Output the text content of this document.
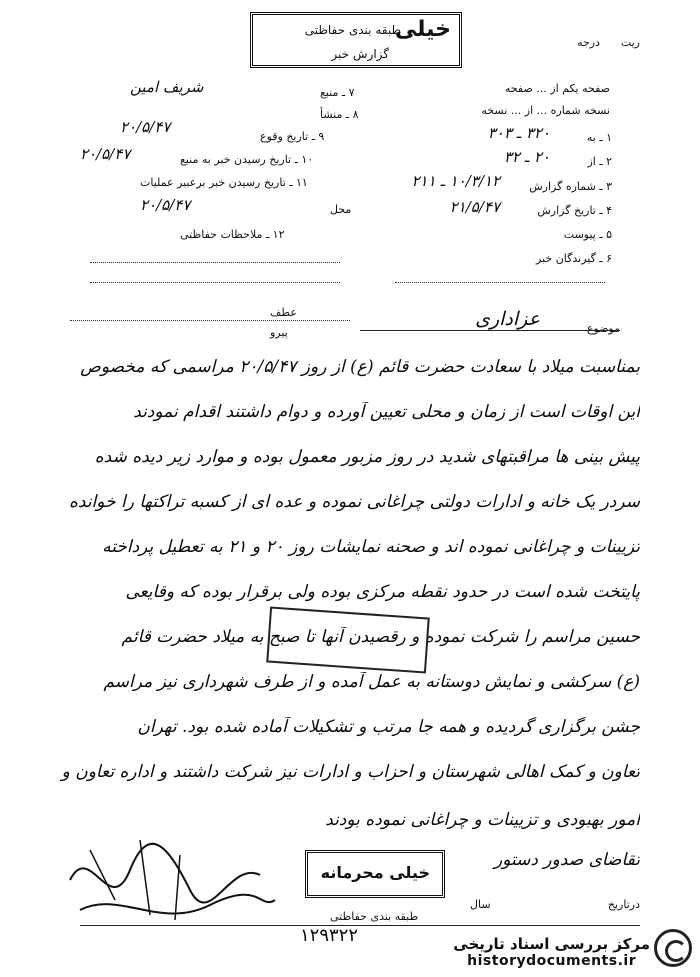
خیلی
طبقه بندی حفاظتی
گزارش خبر
درجه ریت
۷ ـ منبع
شریف امین
۸ ـ منشأ
۹ ـ تاریخ وقوع
۲۰/۵/۴۷
۱۰ ـ تاریخ رسیدن خبر به منبع
۲۰/۵/۴۷
۱۱ ـ تاریخ رسیدن خبر برعبیر عملیات
محل
۲۰/۵/۴۷
۱۲ ـ ملاحظات حفاظتی
صفحه یکم از ... صفحه
نسخه شماره ... از ... نسخه
۱ ـ به
۳۲۰ ـ ۳۰۳
۲ ـ از
۲۰ ـ ۳۲
۳ ـ شماره گزارش
۱۰/۳/۱۲ ـ ۲۱۱
۴ ـ تاریخ گزارش
۲۱/۵/۴۷
۵ ـ پیوست
۶ ـ گیرندگان خبر
عطف
پیرو	موضوع
عزاداری
بمناسبت میلاد با سعادت حضرت قائم (ع) از روز ۲۰/۵/۴۷ مراسمی که مخصوص
این اوقات است از زمان و محلی تعیین آورده و دوام داشتند اقدام نمودند
پیش بینی ها مراقبتهای شدید در روز مزبور معمول بوده و موارد زیر دیده شده
سردر یک خانه و ادارات دولتی چراغانی نموده و عده ای از کسبه تراکتها را خوانده
تزیینات و چراغانی نموده اند و صحنه نمایشات روز ۲۰ و ۲۱ به تعطیل پرداخته
پایتخت شده است در حدود نقطه مرکزی بوده ولی برقرار بوده که وقایعی
حسین مراسم را شرکت نموده و رقصیدن آنها تا صبح به میلاد حضرت قائم
(ع) سرکشی و نمایش دوستانه به عمل آمده و از طرف شهرداری نیز مراسم
جشن برگزاری گردیده و همه جا مرتب و تشکیلات آماده شده بود. تهران
تعاون و کمک اهالی شهرستان و احزاب و ادارات نیز شرکت داشتند و اداره تعاون و
امور بهبودی و تزیینات و چراغانی نموده بودند
تقاضای صدور دستور
خیلی محرمانه
طبقه بندی حفاظتی
درتاریخ
سال
۱۲۹۳۲۲	مرکز بررسی اسناد تاریخی
historydocuments.ir
